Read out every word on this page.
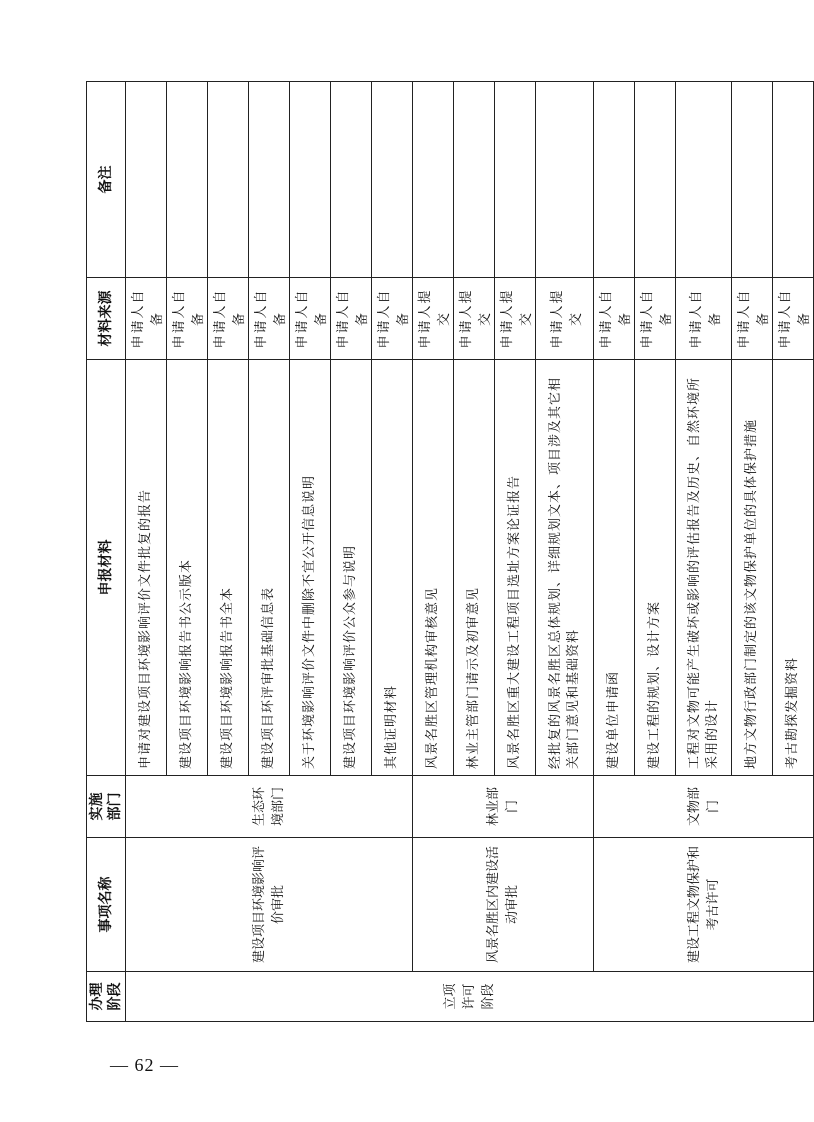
办理阶段	事项名称	实施部门	申报材料	材料来源	备注
立项许可阶段	建设项目环境影响评价审批	生态环境部门	申请对建设项目环境影响评价文件批复的报告	申请人自备	
			建设项目环境影响报告书公示版本	申请人自备	
			建设项目环境影响报告书全本	申请人自备	
			建设项目环评审批基础信息表	申请人自备	
			关于环境影响评价文件中删除不宜公开信息说明	申请人自备	
			建设项目环境影响评价公众参与说明	申请人自备	
			其他证明材料	申请人自备	
	风景名胜区内建设活动审批	林业部门	风景名胜区管理机构审核意见	申请人提交	
			林业主管部门请示及初审意见	申请人提交	
			风景名胜区重大建设工程项目选址方案论证报告	申请人提交	
			经批复的风景名胜区总体规划、详细规划文本、项目涉及其它相关部门意见和基础资料	申请人提交	
	建设工程文物保护和考古许可	文物部门	建设单位申请函	申请人自备	
			建设工程的规划、设计方案	申请人自备	
			工程对文物可能产生破坏或影响的评估报告及历史、自然环境所采用的设计	申请人自备	
			地方文物行政部门制定的该文物保护单位的具体保护措施	申请人自备	
			考古勘探发掘资料	申请人自备	
— 62 —
